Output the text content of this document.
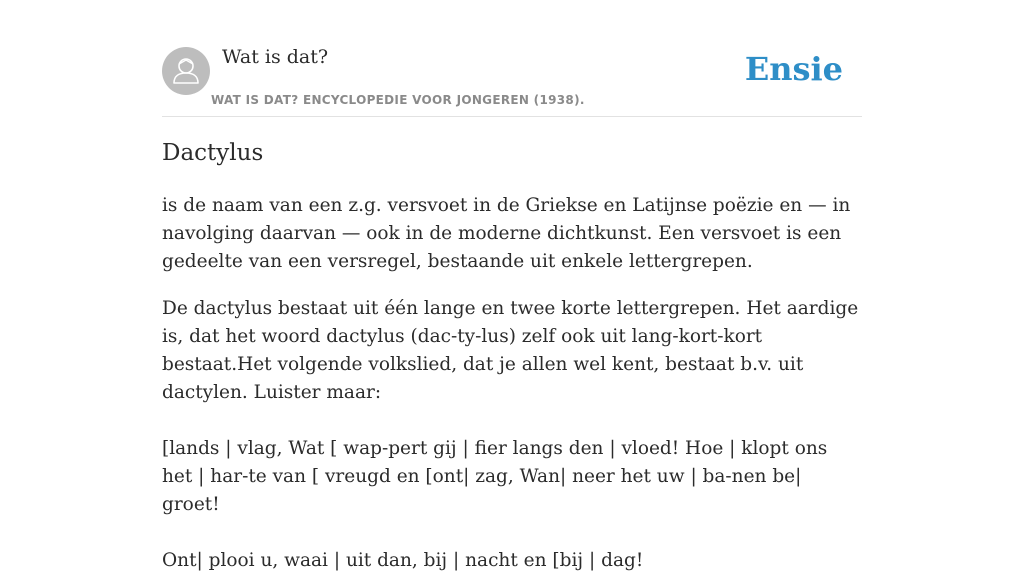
Wat is dat?
WAT IS DAT? ENCYCLOPEDIE VOOR JONGEREN (1938).
Ensie
Dactylus

is de naam van een z.g. versvoet in de Griekse en Latijnse poëzie en — in navolging daarvan — ook in de moderne dichtkunst. Een versvoet is een gedeelte van een versregel, bestaande uit enkele lettergrepen.

De dactylus bestaat uit één lange en twee korte lettergrepen. Het aardige is, dat het woord dactylus (dac-ty-lus) zelf ook uit lang-kort-kort bestaat.Het volgende volkslied, dat je allen wel kent, bestaat b.v. uit dactylen. Luister maar:

[lands | vlag, Wat [ wap-pert gij | fier langs den | vloed! Hoe | klopt ons het | har-te van [ vreugd en [ont| zag, Wan| neer het uw | ba-nen be| groet!

Ont| plooi u, waai | uit dan, bij | nacht en [bij | dag!
